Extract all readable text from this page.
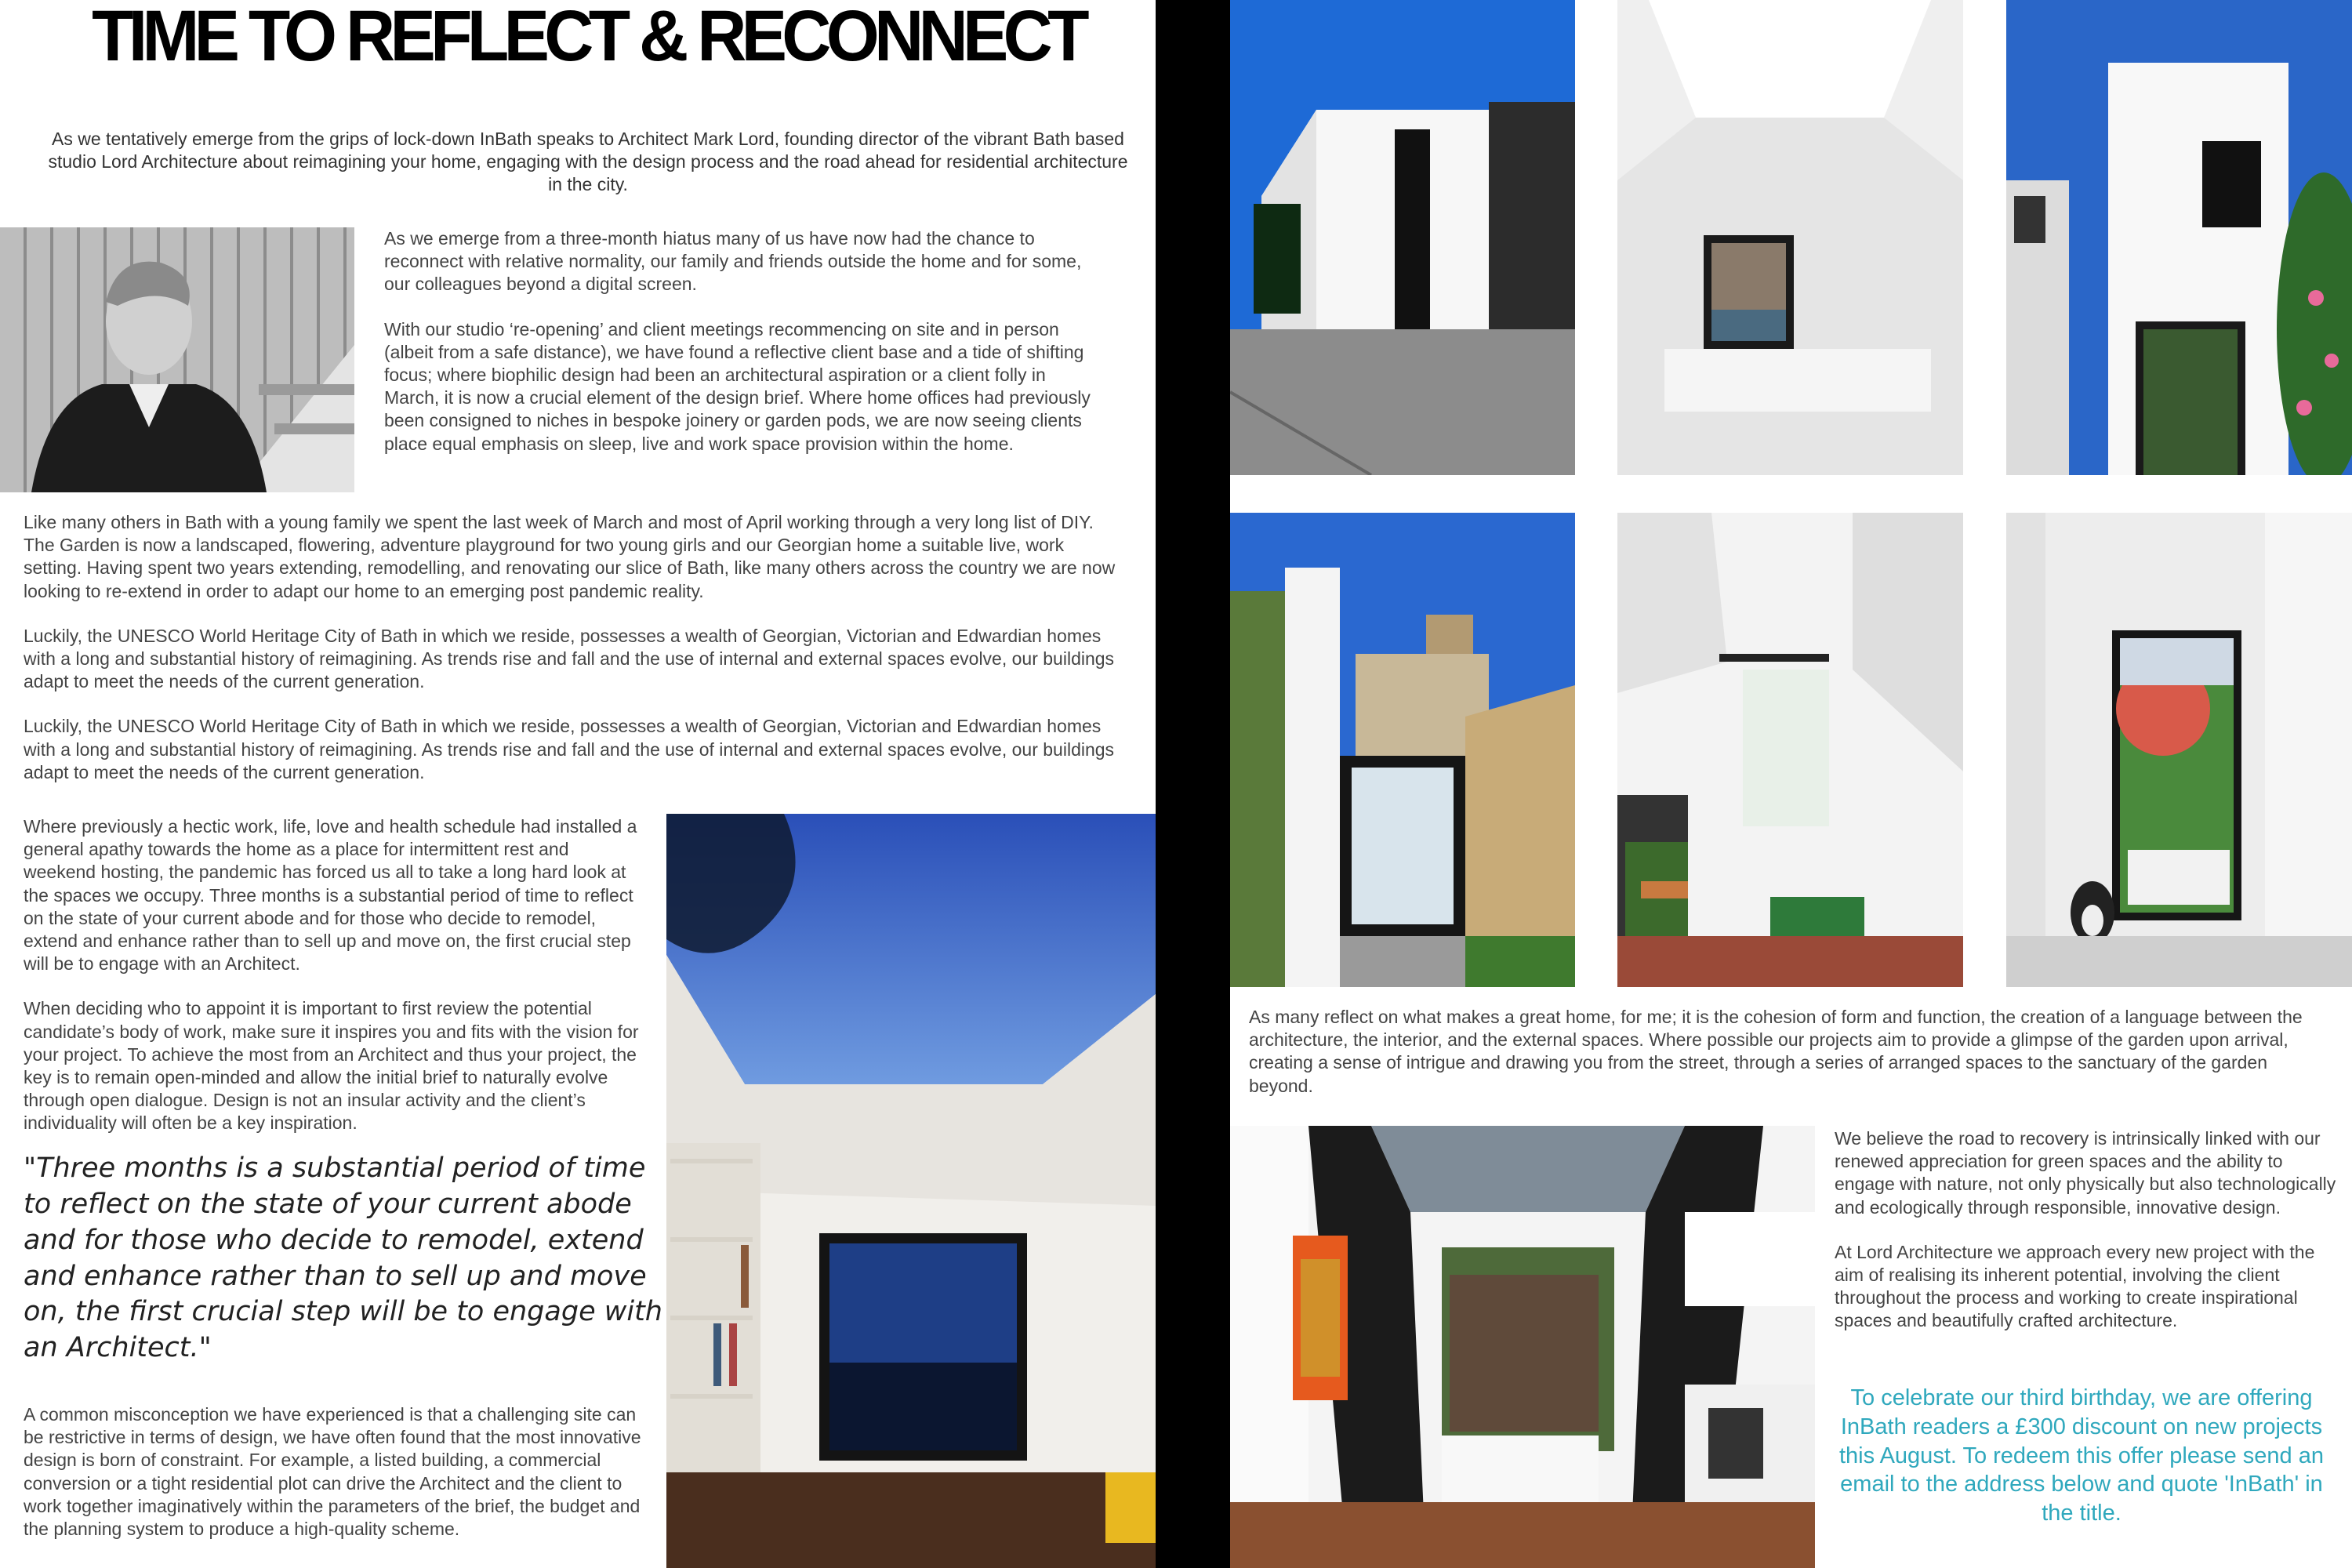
TIME TO REFLECT & RECONNECT

As we tentatively emerge from the grips of lock-down InBath speaks to Architect Mark Lord, founding director of the vibrant Bath based studio Lord Architecture about reimagining your home, engaging with the design process and the road ahead for residential architecture in the city.

As we emerge from a three-month hiatus many of us have now had the chance to reconnect with relative normality, our family and friends outside the home and for some, our colleagues beyond a digital screen.

With our studio ‘re-opening’ and client meetings recommencing on site and in person (albeit from a safe distance), we have found a reflective client base and a tide of shifting focus; where biophilic design had been an architectural aspiration or a client folly in March, it is now a crucial element of the design brief. Where home offices had previously been consigned to niches in bespoke joinery or garden pods, we are now seeing clients place equal emphasis on sleep, live and work space provision within the home.

Like many others in Bath with a young family we spent the last week of March and most of April working through a very long list of DIY. The Garden is now a landscaped, flowering, adventure playground for two young girls and our Georgian home a suitable live, work setting. Having spent two years extending, remodelling, and renovating our slice of Bath, like many others across the country we are now looking to re-extend in order to adapt our home to an emerging post pandemic reality.

Luckily, the UNESCO World Heritage City of Bath in which we reside, possesses a wealth of Georgian, Victorian and Edwardian homes with a long and substantial history of reimagining. As trends rise and fall and the use of internal and external spaces evolve, our buildings adapt to meet the needs of the current generation.

Luckily, the UNESCO World Heritage City of Bath in which we reside, possesses a wealth of Georgian, Victorian and Edwardian homes with a long and substantial history of reimagining. As trends rise and fall and the use of internal and external spaces evolve, our buildings adapt to meet the needs of the current generation.

Where previously a hectic work, life, love and health schedule had installed a general apathy towards the home as a place for intermittent rest and weekend hosting, the pandemic has forced us all to take a long hard look at the spaces we occupy. Three months is a substantial period of time to reflect on the state of your current abode and for those who decide to remodel, extend and enhance rather than to sell up and move on, the first crucial step will be to engage with an Architect.

When deciding who to appoint it is important to first review the potential candidate’s body of work, make sure it inspires you and fits with the vision for your project. To achieve the most from an Architect and thus your project, the key is to remain open-minded and allow the initial brief to naturally evolve through open dialogue. Design is not an insular activity and the client’s individuality will often be a key inspiration.

"Three months is a substantial period of time to reflect on the state of your current abode and for those who decide to remodel, extend and enhance rather than to sell up and move on, the first crucial step will be to engage with an Architect."

A common misconception we have experienced is that a challenging site can be restrictive in terms of design, we have often found that the most innovative design is born of constraint. For example, a listed building, a commercial conversion or a tight residential plot can drive the Architect and the client to work together imaginatively within the parameters of the brief, the budget and the planning system to produce a high-quality scheme.

As many reflect on what makes a great home, for me; it is the cohesion of form and function, the creation of a language between the architecture, the interior, and the external spaces. Where possible our projects aim to provide a glimpse of the garden upon arrival, creating a sense of intrigue and drawing you from the street, through a series of arranged spaces to the sanctuary of the garden beyond.

We believe the road to recovery is intrinsically linked with our renewed appreciation for green spaces and the ability to engage with nature, not only physically but also technologically and ecologically through responsible, innovative design.

At Lord Architecture we approach every new project with the aim of realising its inherent potential, involving the client throughout the process and working to create inspirational spaces and beautifully crafted architecture.

To celebrate our third birthday, we are offering InBath readers a £300 discount on new projects this August. To redeem this offer please send an email to the address below and quote 'InBath' in the title.
